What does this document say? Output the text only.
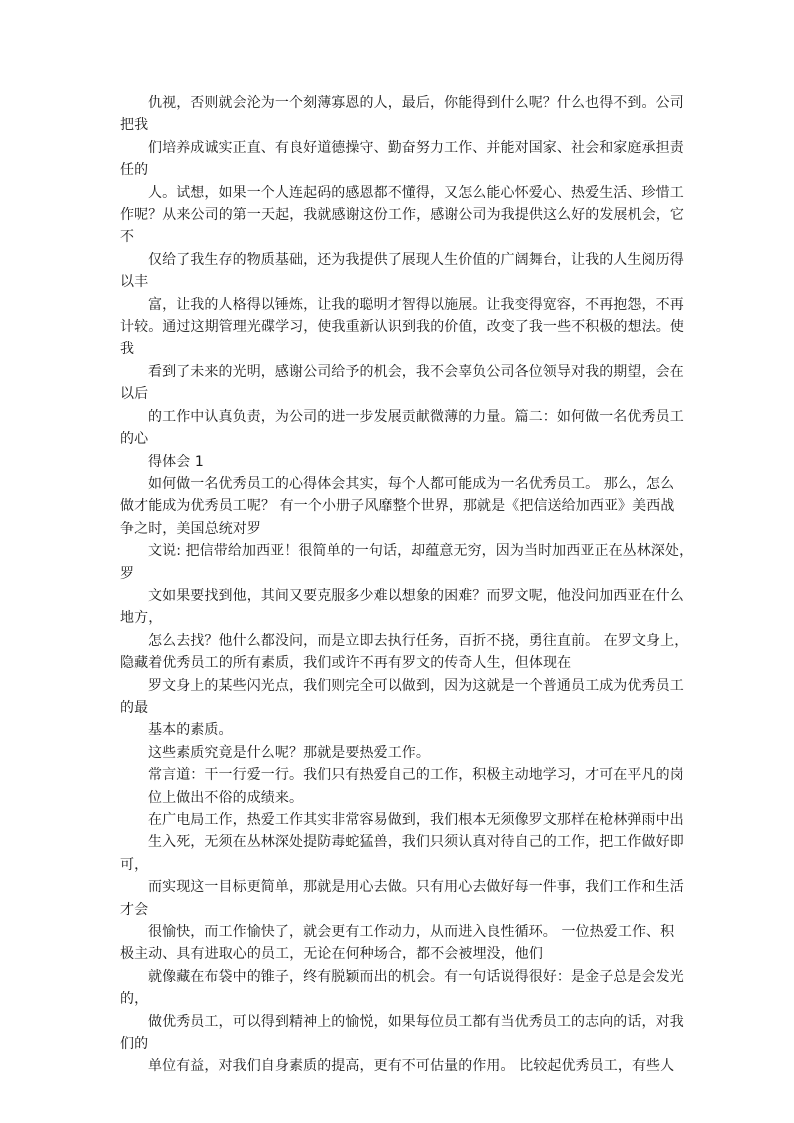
仇视，否则就会沦为一个刻薄寡恩的人，最后，你能得到什么呢？什么也得不到。公司
把我
们培养成诚实正直、有良好道德操守、勤奋努力工作、并能对国家、社会和家庭承担责
任的
人。试想，如果一个人连起码的感恩都不懂得，又怎么能心怀爱心、热爱生活、珍惜工
作呢？从来公司的第一天起，我就感谢这份工作，感谢公司为我提供这么好的发展机会，它
不
仅给了我生存的物质基础，还为我提供了展现人生价值的广阔舞台，让我的人生阅历得
以丰
富，让我的人格得以锤炼，让我的聪明才智得以施展。让我变得宽容，不再抱怨，不再
计较。通过这期管理光碟学习，使我重新认识到我的价值，改变了我一些不积极的想法。使
我
看到了未来的光明，感谢公司给予的机会，我不会辜负公司各位领导对我的期望，会在
以后
的工作中认真负责，为公司的进一步发展贡献微薄的力量。篇二：如何做一名优秀员工
的心
得体会 1
如何做一名优秀员工的心得体会其实，每个人都可能成为一名优秀员工。 那么，怎么
做才能成为优秀员工呢？ 有一个小册子风靡整个世界，那就是《把信送给加西亚》美西战
争之时，美国总统对罗
文说: 把信带给加西亚！很简单的一句话，却蕴意无穷，因为当时加西亚正在丛林深处，
罗
文如果要找到他，其间又要克服多少难以想象的困难？而罗文呢，他没问加西亚在什么
地方，
怎么去找？他什么都没问，而是立即去执行任务，百折不挠，勇往直前。 在罗文身上，
隐藏着优秀员工的所有素质，我们或许不再有罗文的传奇人生，但体现在
罗文身上的某些闪光点，我们则完全可以做到，因为这就是一个普通员工成为优秀员工
的最
基本的素质。
这些素质究竟是什么呢？那就是要热爱工作。
常言道：干一行爱一行。我们只有热爱自己的工作，积极主动地学习，才可在平凡的岗
位上做出不俗的成绩来。
在广电局工作，热爱工作其实非常容易做到，我们根本无须像罗文那样在枪林弹雨中出
生入死，无须在丛林深处提防毒蛇猛兽，我们只须认真对待自己的工作，把工作做好即
可，
而实现这一目标更简单，那就是用心去做。只有用心去做好每一件事，我们工作和生活
才会
很愉快，而工作愉快了，就会更有工作动力，从而进入良性循环。 一位热爱工作、积
极主动、具有进取心的员工，无论在何种场合，都不会被埋没，他们
就像藏在布袋中的锥子，终有脱颖而出的机会。有一句话说得很好：是金子总是会发光
的，
做优秀员工，可以得到精神上的愉悦，如果每位员工都有当优秀员工的志向的话，对我
们的
单位有益，对我们自身素质的提高，更有不可估量的作用。 比较起优秀员工，有些人
